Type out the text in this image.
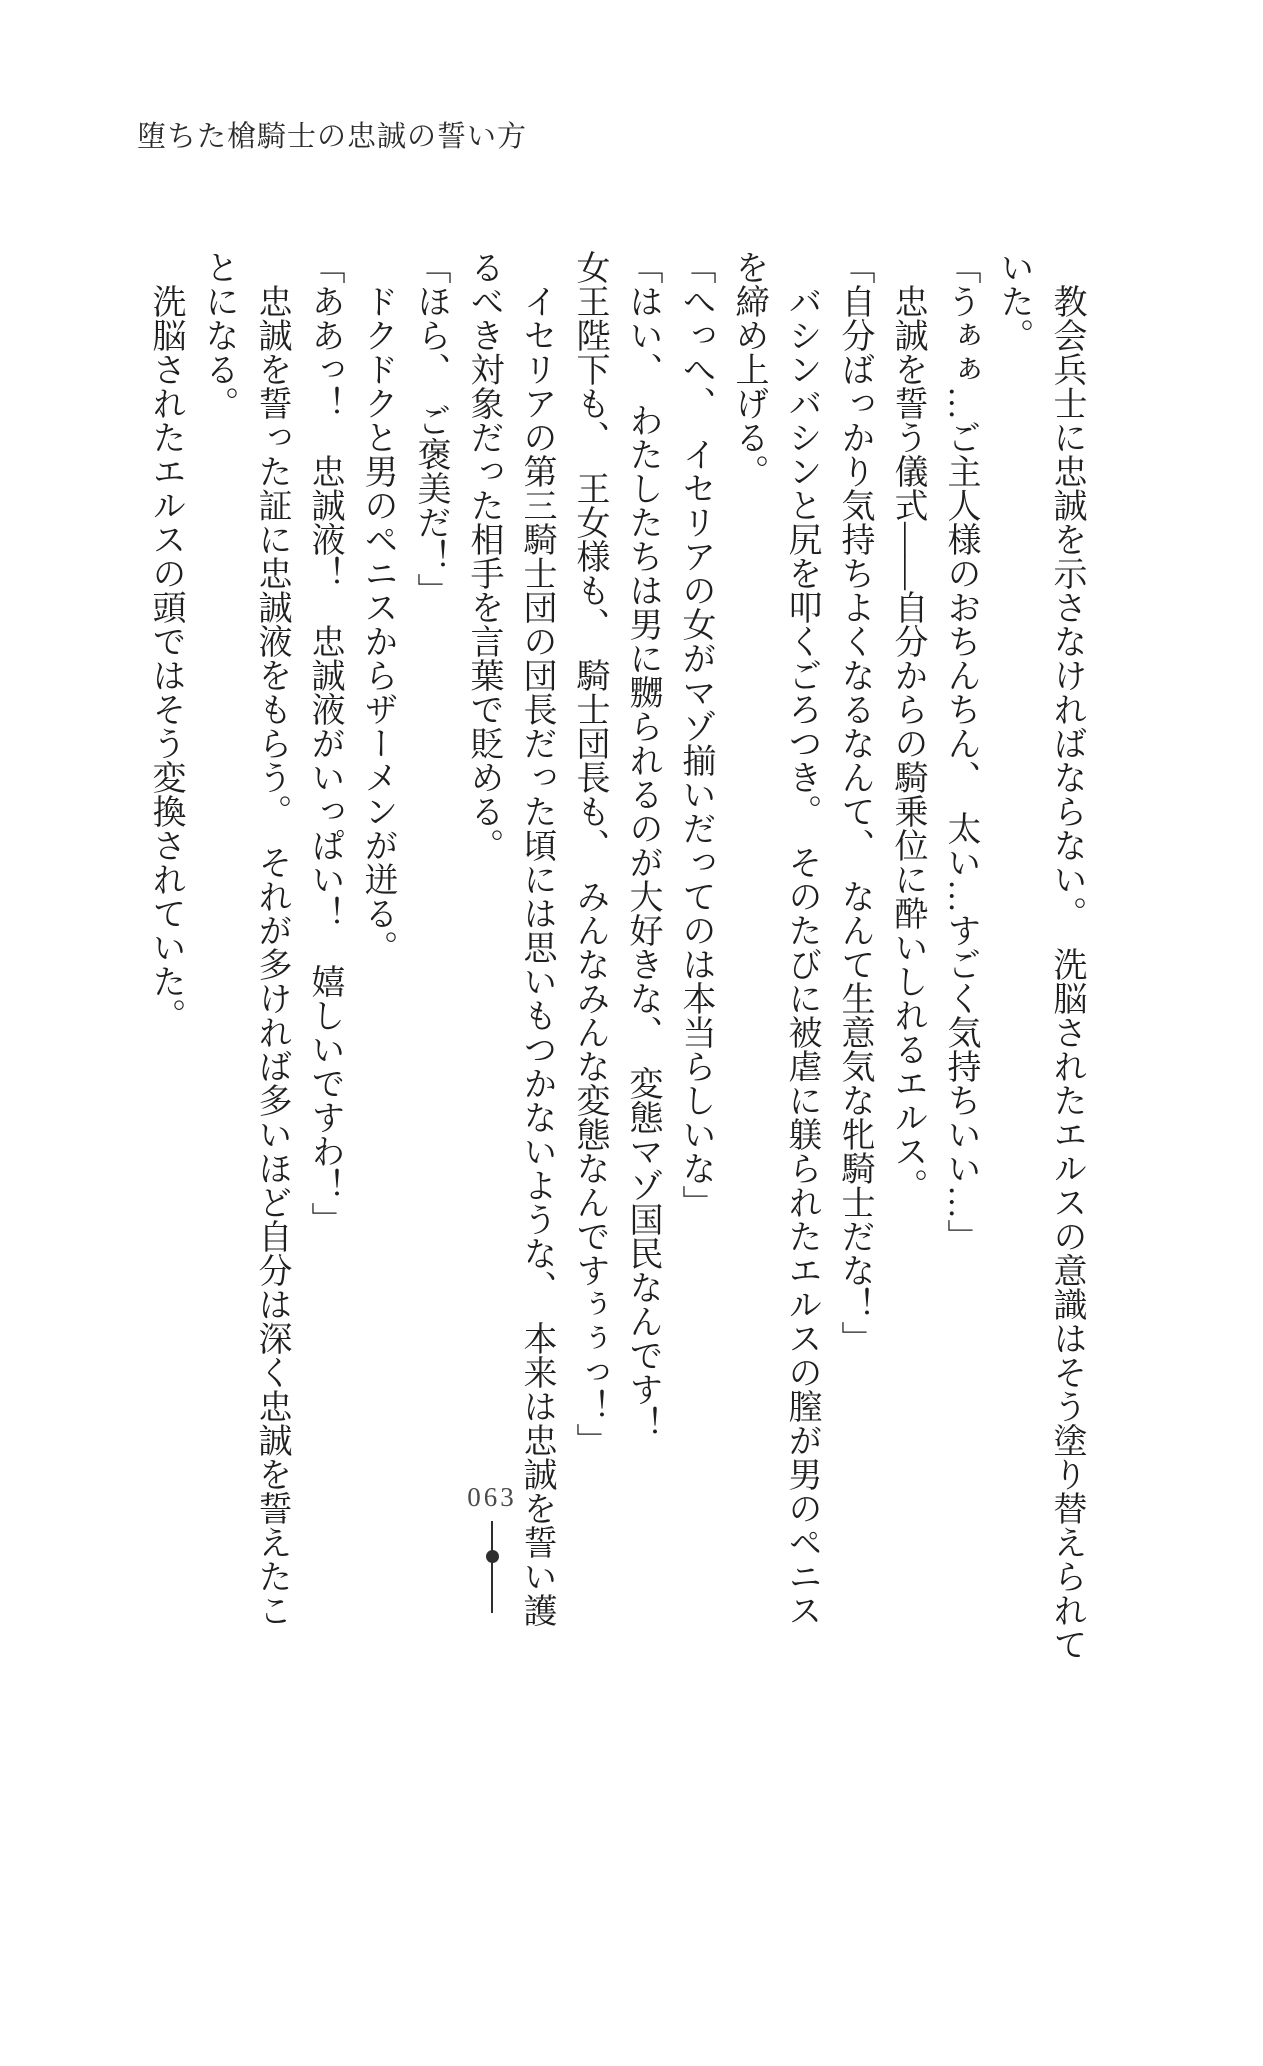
堕ちた槍騎士の忠誠の誓い方

　教会兵士に忠誠を示さなければならない。　洗脳されたエルスの意識はそう塗り替えられて

いた。

「うぁぁ…ご主人様のおちんちん、　太い…すごく気持ちいい…」

　忠誠を誓う儀式――自分からの騎乗位に酔いしれるエルス。

「自分ばっかり気持ちよくなるなんて、　なんて生意気な牝騎士だな！」

　バシンバシンと尻を叩くごろつき。　そのたびに被虐に躾られたエルスの膣が男のペニス

を締め上げる。

「へっへ、　イセリアの女がマゾ揃いだってのは本当らしいな」

「はい、　わたしたちは男に嬲られるのが大好きな、　変態マゾ国民なんです！

女王陛下も、　王女様も、　騎士団長も、　みんなみんな変態なんですぅぅっ！」

　イセリアの第三騎士団の団長だった頃には思いもつかないような、　本来は忠誠を誓い護

るべき対象だった相手を言葉で貶める。

「ほら、　ご褒美だ！」

　ドクドクと男のペニスからザーメンが迸る。

「ああっ！　忠誠液！　忠誠液がいっぱい！　嬉しいですわ！」

　忠誠を誓った証に忠誠液をもらう。　それが多ければ多いほど自分は深く忠誠を誓えたこ

とになる。

　洗脳されたエルスの頭ではそう変換されていた。

063
